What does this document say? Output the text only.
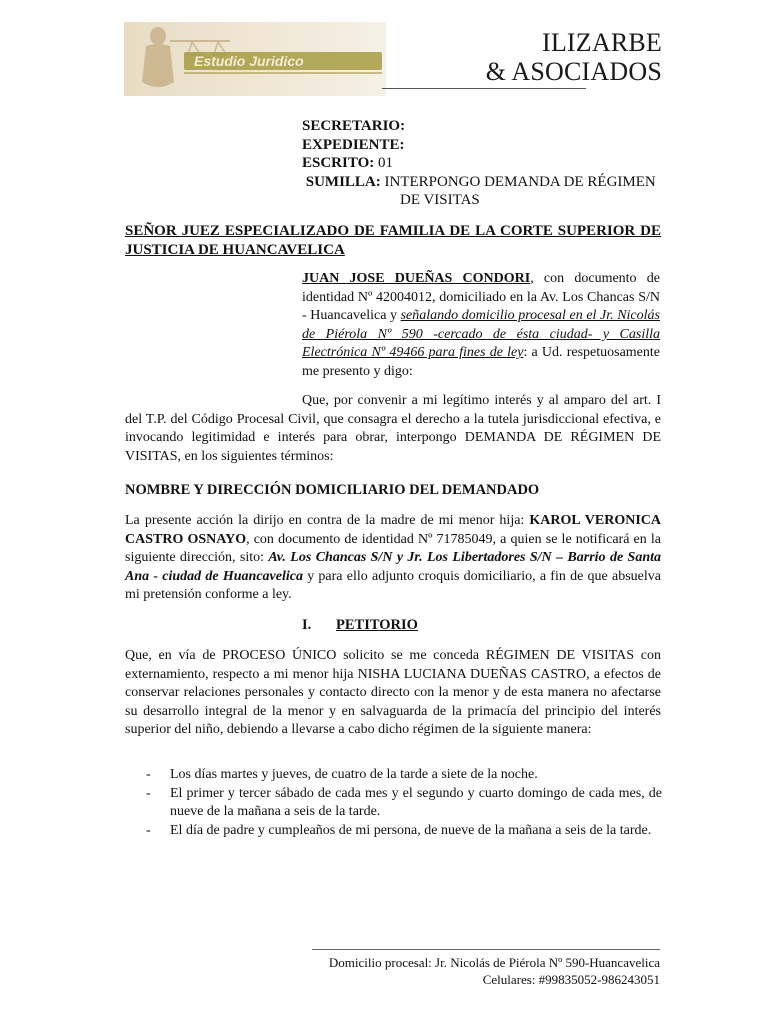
Estudio Juridico
ILIZARBE
& ASOCIADOS
SECRETARIO:
EXPEDIENTE:
ESCRITO: 01
SUMILLA: INTERPONGO DEMANDA DE RÉGIMEN
DE VISITAS
SEÑOR JUEZ ESPECIALIZADO DE FAMILIA DE LA CORTE SUPERIOR DE JUSTICIA DE HUANCAVELICA
JUAN JOSE DUEÑAS CONDORI, con documento de identidad Nº 42004012, domiciliado en la Av. Los Chancas S/N - Huancavelica y señalando domicilio procesal en el Jr. Nicolás de Piérola Nº 590 -cercado de ésta ciudad- y Casilla Electrónica Nº 49466 para fines de ley: a Ud. respetuosamente me presento y digo:
Que, por convenir a mi legítimo interés y al amparo del art. I del T.P. del Código Procesal Civil, que consagra el derecho a la tutela jurisdiccional efectiva, e invocando legitimidad e interés para obrar, interpongo DEMANDA DE RÉGIMEN DE VISITAS, en los siguientes términos:
NOMBRE Y DIRECCIÓN DOMICILIARIO DEL DEMANDADO
La presente acción la dirijo en contra de la madre de mi menor hija: KAROL VERONICA CASTRO OSNAYO, con documento de identidad Nº 71785049, a quien se le notificará en la siguiente dirección, sito: Av. Los Chancas S/N y Jr. Los Libertadores S/N – Barrio de Santa Ana - ciudad de Huancavelica y para ello adjunto croquis domiciliario, a fin de que absuelva mi pretensión conforme a ley.
I. PETITORIO
Que, en vía de PROCESO ÚNICO solicito se me conceda RÉGIMEN DE VISITAS con externamiento, respecto a mi menor hija NISHA LUCIANA DUEÑAS CASTRO, a efectos de conservar relaciones personales y contacto directo con la menor y de esta manera no afectarse su desarrollo integral de la menor y en salvaguarda de la primacía del principio del interés superior del niño, debiendo a llevarse a cabo dicho régimen de la siguiente manera:
- Los días martes y jueves, de cuatro de la tarde a siete de la noche.
- El primer y tercer sábado de cada mes y el segundo y cuarto domingo de cada mes, de nueve de la mañana a seis de la tarde.
- El día de padre y cumpleaños de mi persona, de nueve de la mañana a seis de la tarde.
Domicilio procesal: Jr. Nicolás de Piérola Nº 590-Huancavelica
Celulares: #99835052-986243051
